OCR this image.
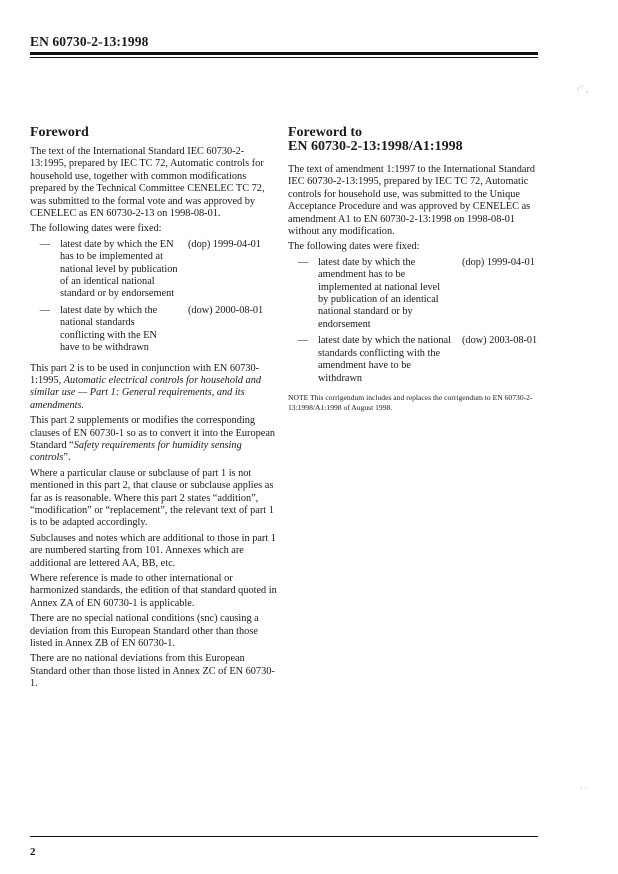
EN 60730-2-13:1998
⁄ ˙ ˎ
˙ ˙
Foreword

The text of the International Standard IEC 60730-2-13:1995, prepared by IEC TC 72, Automatic controls for household use, together with common modifications prepared by the Technical Committee CENELEC TC 72, was submitted to the formal vote and was approved by CENELEC as EN 60730-2-13 on 1998-08-01.

The following dates were fixed:

— latest date by which the EN has to be implemented at national level by publication of an identical national standard or by endorsement
(dop) 1999-04-01
— latest date by which the national standards conflicting with the EN have to be withdrawn
(dow) 2000-08-01

This part 2 is to be used in conjunction with EN 60730-1:1995, Automatic electrical controls for household and similar use — Part 1: General requirements, and its amendments.

This part 2 supplements or modifies the corresponding clauses of EN 60730-1 so as to convert it into the European Standard “Safety requirements for humidity sensing controls”.

Where a particular clause or subclause of part 1 is not mentioned in this part 2, that clause or subclause applies as far as is reasonable. Where this part 2 states “addition”, “modification” or “replacement”, the relevant text of part 1 is to be adapted accordingly.

Subclauses and notes which are additional to those in part 1 are numbered starting from 101. Annexes which are additional are lettered AA, BB, etc.

Where reference is made to other international or harmonized standards, the edition of that standard quoted in Annex ZA of EN 60730-1 is applicable.

There are no special national conditions (snc) causing a deviation from this European Standard other than those listed in Annex ZB of EN 60730-1.

There are no national deviations from this European Standard other than those listed in Annex ZC of EN 60730-1.

Foreword to
EN 60730-2-13:1998/A1:1998

The text of amendment 1:1997 to the International Standard IEC 60730-2-13:1995, prepared by IEC TC 72, Automatic controls for household use, was submitted to the Unique Acceptance Procedure and was approved by CENELEC as amendment A1 to EN 60730-2-13:1998 on 1998-08-01 without any modification.

The following dates were fixed:

— latest date by which the amendment has to be implemented at national level by publication of an identical national standard or by endorsement
(dop) 1999-04-01
— latest date by which the national standards conflicting with the amendment have to be withdrawn
(dow) 2003-08-01
NOTE This corrigendum includes and replaces the corrigendum to EN 60730-2-13:1998/A1:1998 of August 1998.
2
